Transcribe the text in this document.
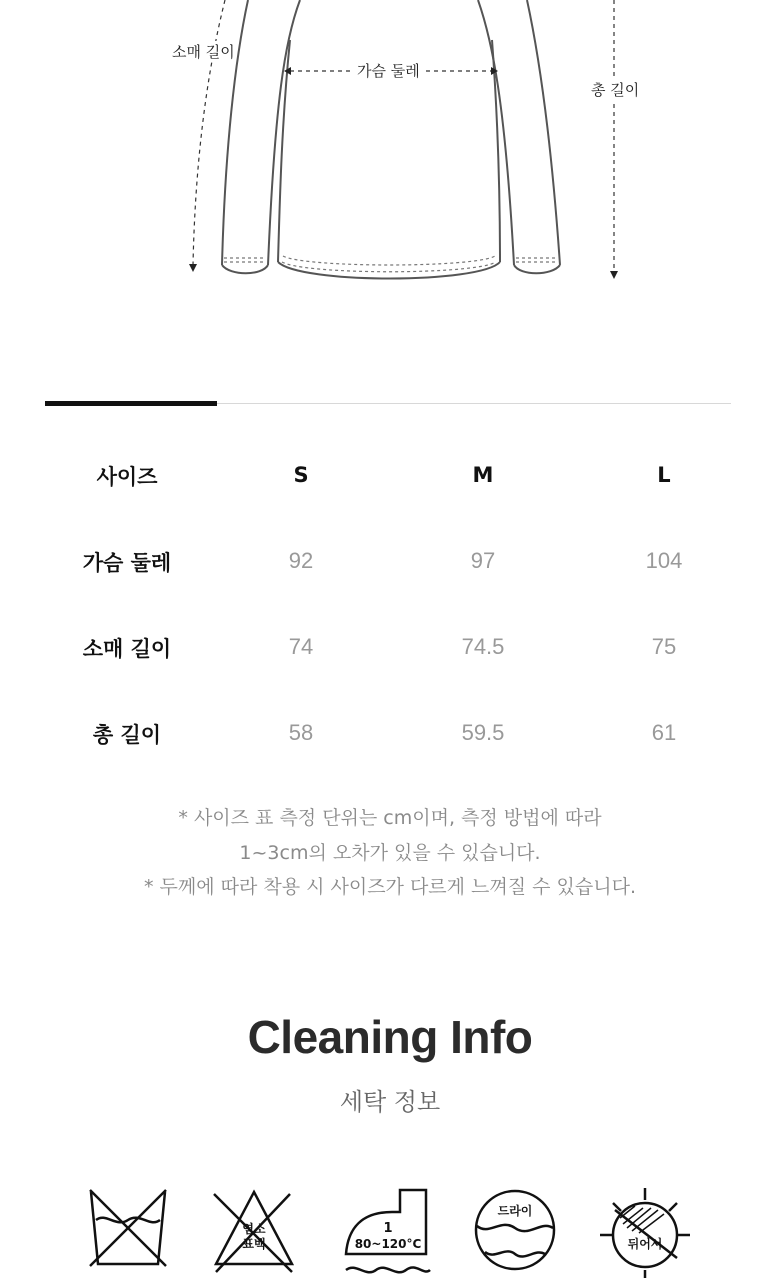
소매 길이
가슴 둘레
총 길이
사이즈	S	M	L
가슴 둘레	92	97	104
소매 길이	74	74.5	75
총 길이	58	59.5	61
* 사이즈 표 측정 단위는 cm이며, 측정 방법에 따라
1~3cm의 오차가 있을 수 있습니다.
* 두께에 따라 착용 시 사이즈가 다르게 느껴질 수 있습니다.
Cleaning Info
세탁 정보
염소
표백
1
80~120°C
드라이
뒤어서
